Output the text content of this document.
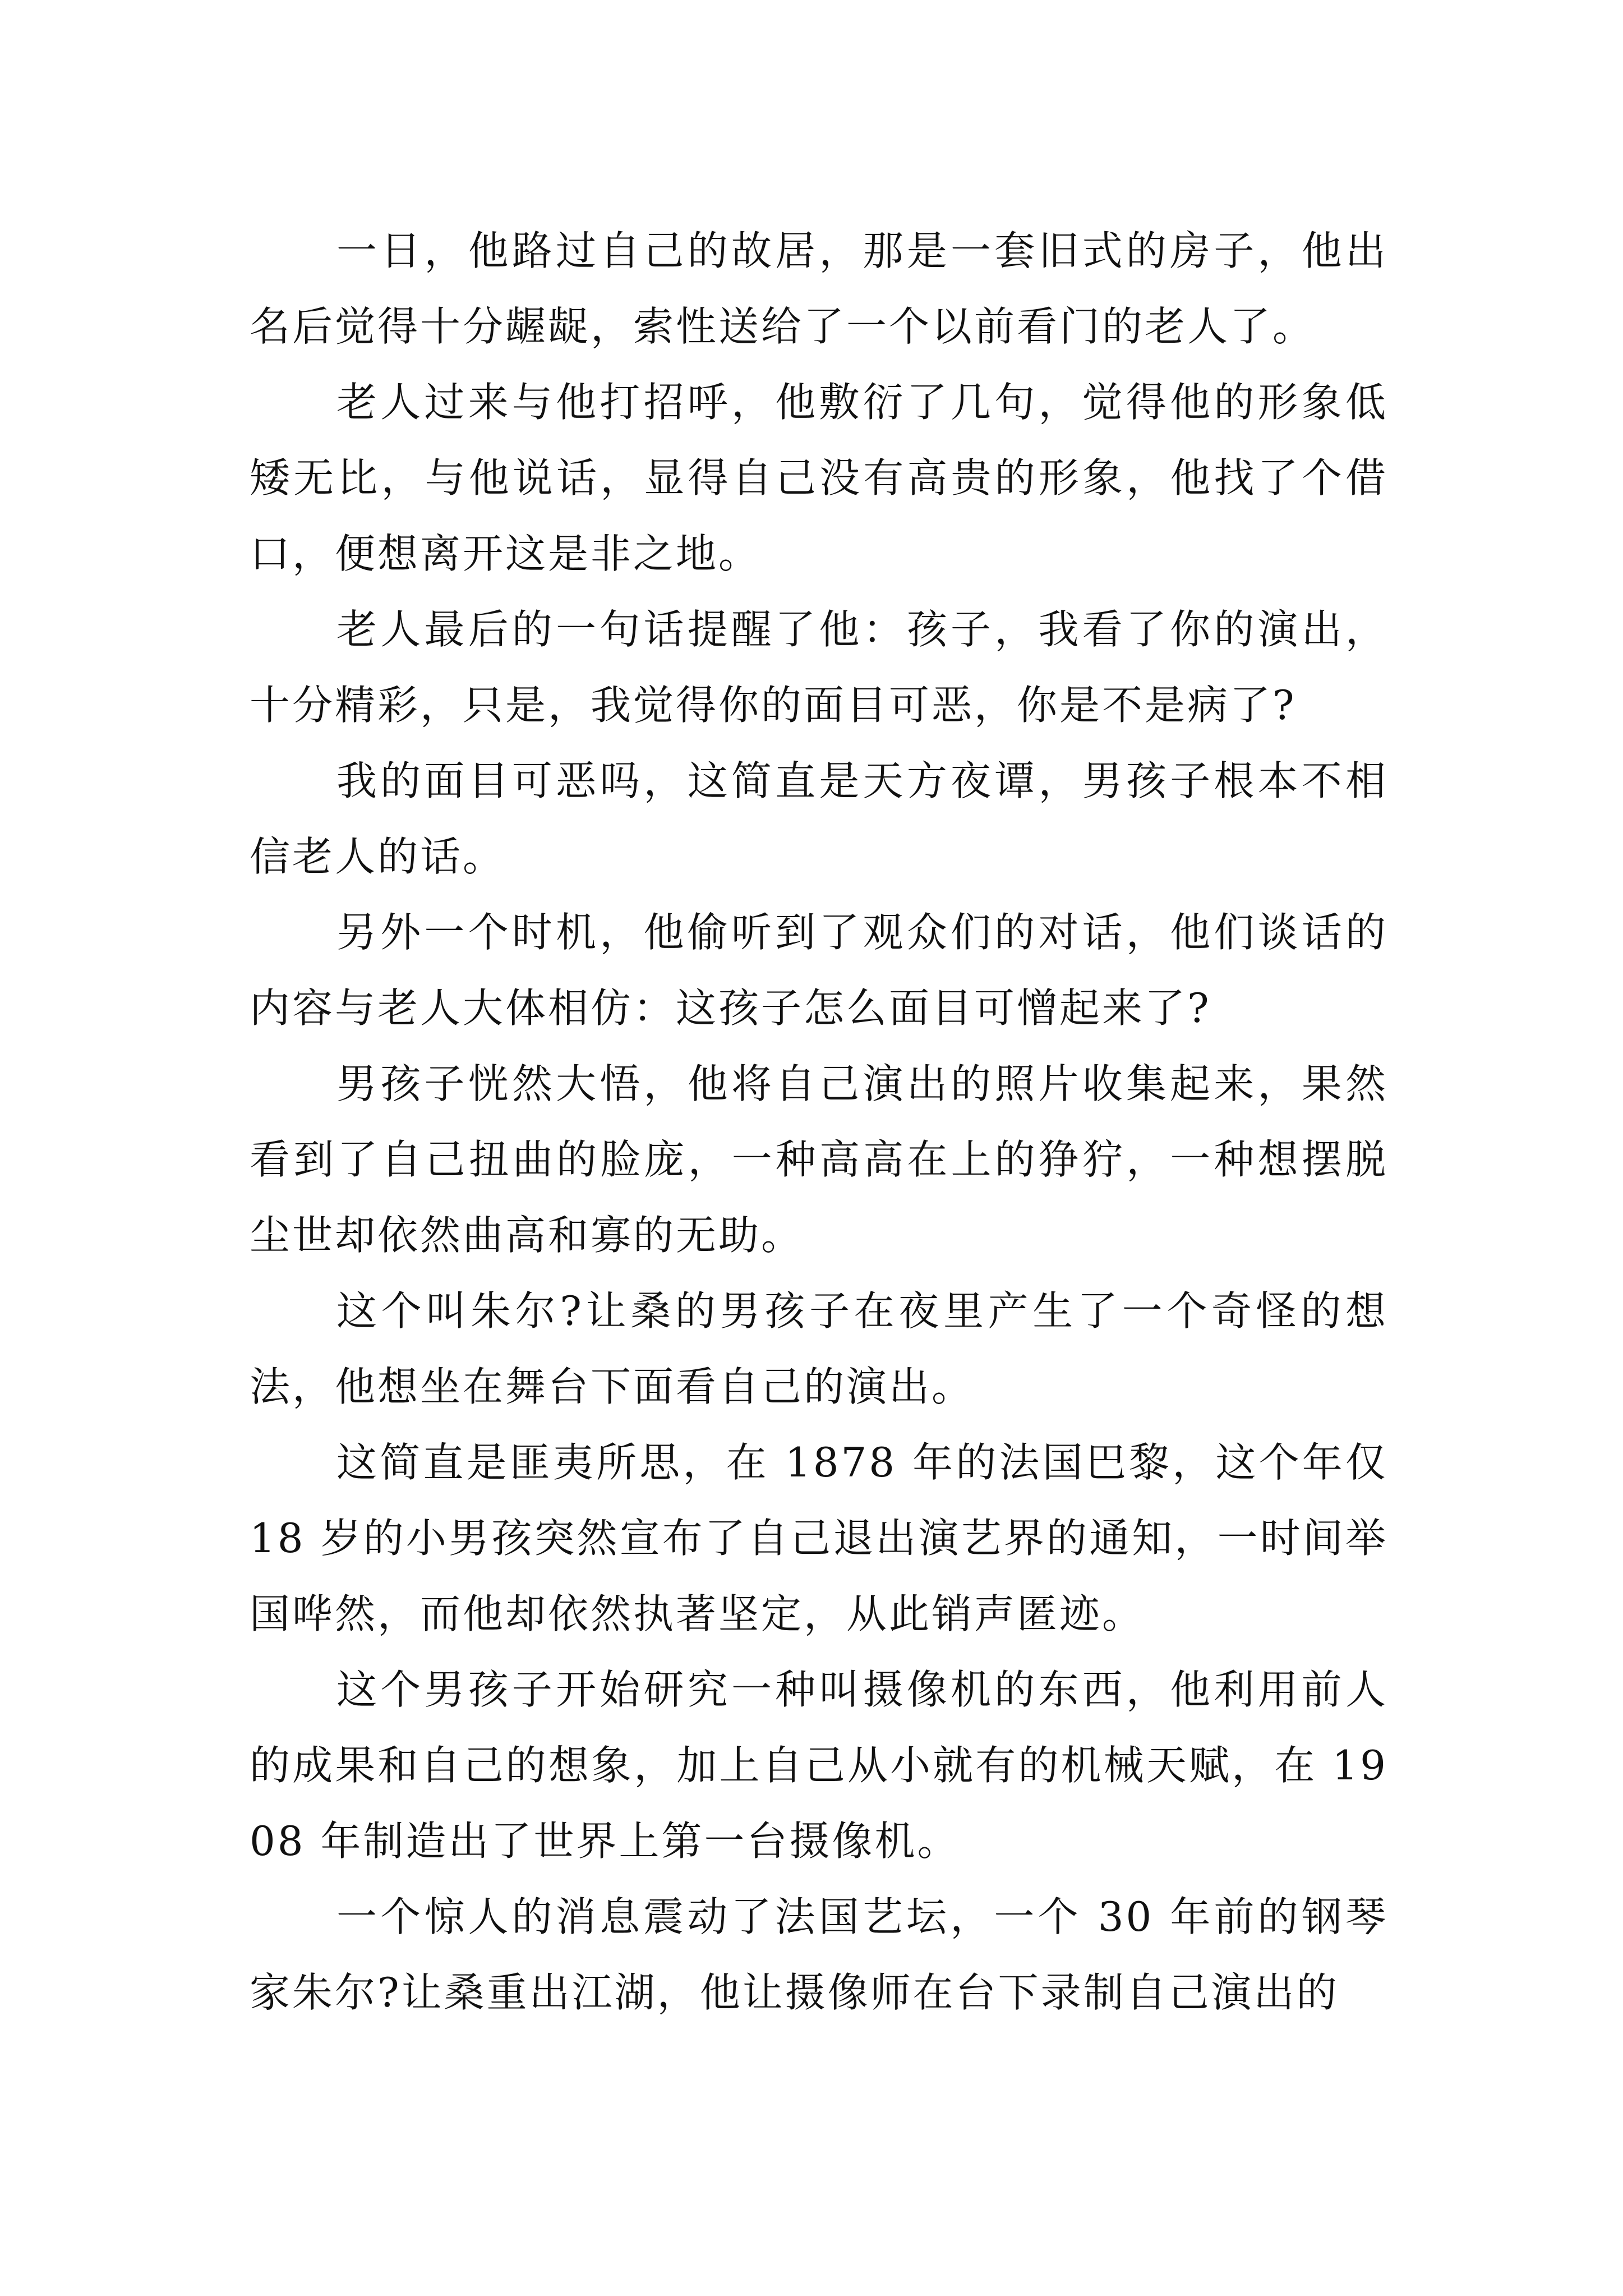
一日，他路过自己的故居，那是一套旧式的房子，他出名后觉得十分龌龊，索性送给了一个以前看门的老人了。

老人过来与他打招呼，他敷衍了几句，觉得他的形象低矮无比，与他说话，显得自己没有高贵的形象，他找了个借口，便想离开这是非之地。

老人最后的一句话提醒了他：孩子，我看了你的演出，十分精彩，只是，我觉得你的面目可恶，你是不是病了?

我的面目可恶吗，这简直是天方夜谭，男孩子根本不相信老人的话。

另外一个时机，他偷听到了观众们的对话，他们谈话的内容与老人大体相仿：这孩子怎么面目可憎起来了?

男孩子恍然大悟，他将自己演出的照片收集起来，果然看到了自己扭曲的脸庞，一种高高在上的狰狞，一种想摆脱尘世却依然曲高和寡的无助。

这个叫朱尔?让桑的男孩子在夜里产生了一个奇怪的想法，他想坐在舞台下面看自己的演出。

这简直是匪夷所思，在 1878 年的法国巴黎，这个年仅 18 岁的小男孩突然宣布了自己退出演艺界的通知，一时间举国哗然，而他却依然执著坚定，从此销声匿迹。

这个男孩子开始研究一种叫摄像机的东西，他利用前人的成果和自己的想象，加上自己从小就有的机械天赋，在 1908 年制造出了世界上第一台摄像机。

一个惊人的消息震动了法国艺坛，一个 30 年前的钢琴家朱尔?让桑重出江湖，他让摄像师在台下录制自己演出的
